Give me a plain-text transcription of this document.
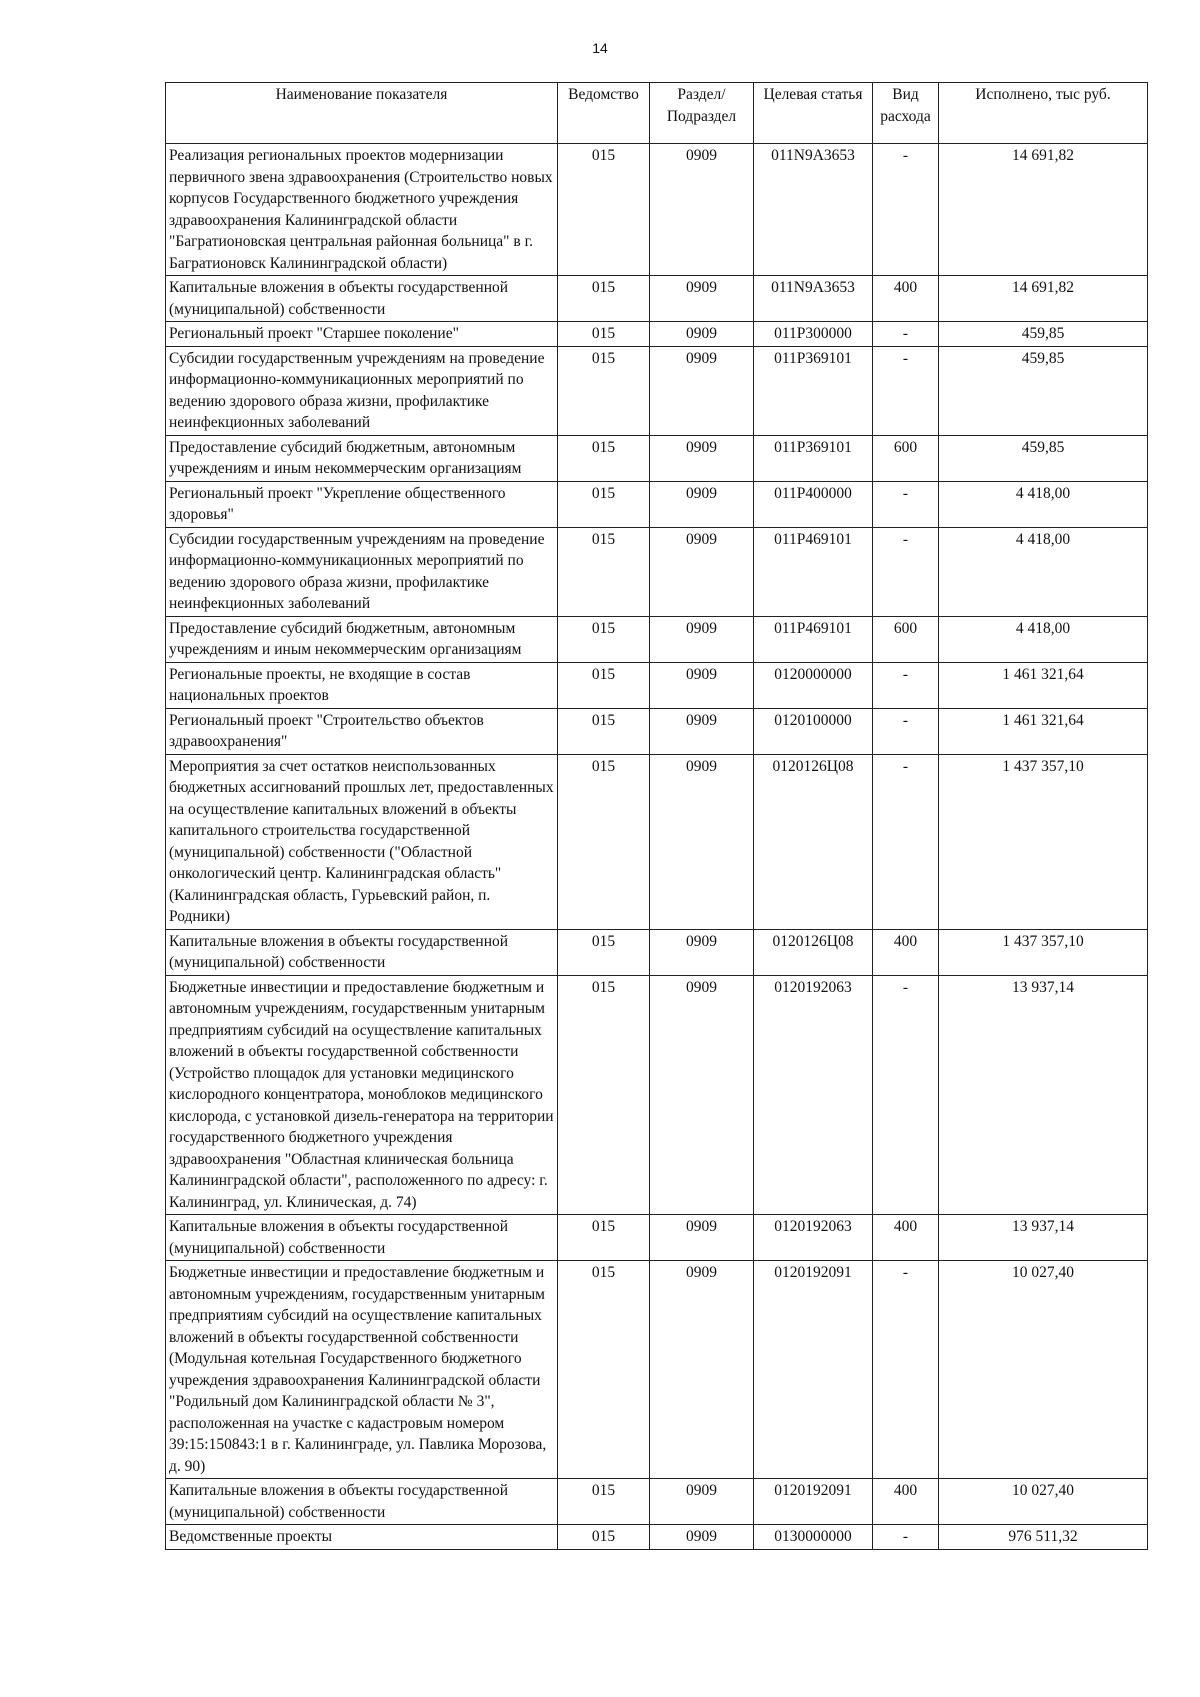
14
Наименование показателя	Ведомство	Раздел/ Подраздел	Целевая статья	Вид расхода	Исполнено, тыс руб.
Реализация региональных проектов модернизации первичного звена здравоохранения (Строительство новых корпусов Государственного бюджетного учреждения здравоохранения Калининградской области "Багратионовская центральная районная больница" в г. Багратионовск Калининградской области)	015	0909	011N9A3653	-	14 691,82
Капитальные вложения в объекты государственной (муниципальной) собственности	015	0909	011N9A3653	400	14 691,82
Региональный проект "Старшее поколение"	015	0909	011P300000	-	459,85
Субсидии государственным учреждениям на проведение информационно-коммуникационных мероприятий по ведению здорового образа жизни, профилактике неинфекционных заболеваний	015	0909	011P369101	-	459,85
Предоставление субсидий бюджетным, автономным учреждениям и иным некоммерческим организациям	015	0909	011P369101	600	459,85
Региональный проект "Укрепление общественного здоровья"	015	0909	011P400000	-	4 418,00
Субсидии государственным учреждениям на проведение информационно-коммуникационных мероприятий по ведению здорового образа жизни, профилактике неинфекционных заболеваний	015	0909	011P469101	-	4 418,00
Предоставление субсидий бюджетным, автономным учреждениям и иным некоммерческим организациям	015	0909	011P469101	600	4 418,00
Региональные проекты, не входящие в состав национальных проектов	015	0909	0120000000	-	1 461 321,64
Региональный проект "Строительство объектов здравоохранения"	015	0909	0120100000	-	1 461 321,64
Мероприятия за счет остатков неиспользованных бюджетных ассигнований прошлых лет, предоставленных на осуществление капитальных вложений в объекты капитального строительства государственной (муниципальной) собственности ("Областной онкологический центр. Калининградская область" (Калининградская область, Гурьевский район, п. Родники)	015	0909	0120126Ц08	-	1 437 357,10
Капитальные вложения в объекты государственной (муниципальной) собственности	015	0909	0120126Ц08	400	1 437 357,10
Бюджетные инвестиции и предоставление бюджетным и автономным учреждениям, государственным унитарным предприятиям субсидий на осуществление капитальных вложений в объекты государственной собственности (Устройство площадок для установки медицинского кислородного концентратора, моноблоков медицинского кислорода, с установкой дизель-генератора на территории государственного бюджетного учреждения здравоохранения "Областная клиническая больница Калининградской области", расположенного по адресу: г. Калининград, ул. Клиническая, д. 74)	015	0909	0120192063	-	13 937,14
Капитальные вложения в объекты государственной (муниципальной) собственности	015	0909	0120192063	400	13 937,14
Бюджетные инвестиции и предоставление бюджетным и автономным учреждениям, государственным унитарным предприятиям субсидий на осуществление капитальных вложений в объекты государственной собственности (Модульная котельная Государственного бюджетного учреждения здравоохранения Калининградской области "Родильный дом Калининградской области № 3", расположенная на участке с кадастровым номером 39:15:150843:1 в г. Калининграде, ул. Павлика Морозова, д. 90)	015	0909	0120192091	-	10 027,40
Капитальные вложения в объекты государственной (муниципальной) собственности	015	0909	0120192091	400	10 027,40
Ведомственные проекты	015	0909	0130000000	-	976 511,32
